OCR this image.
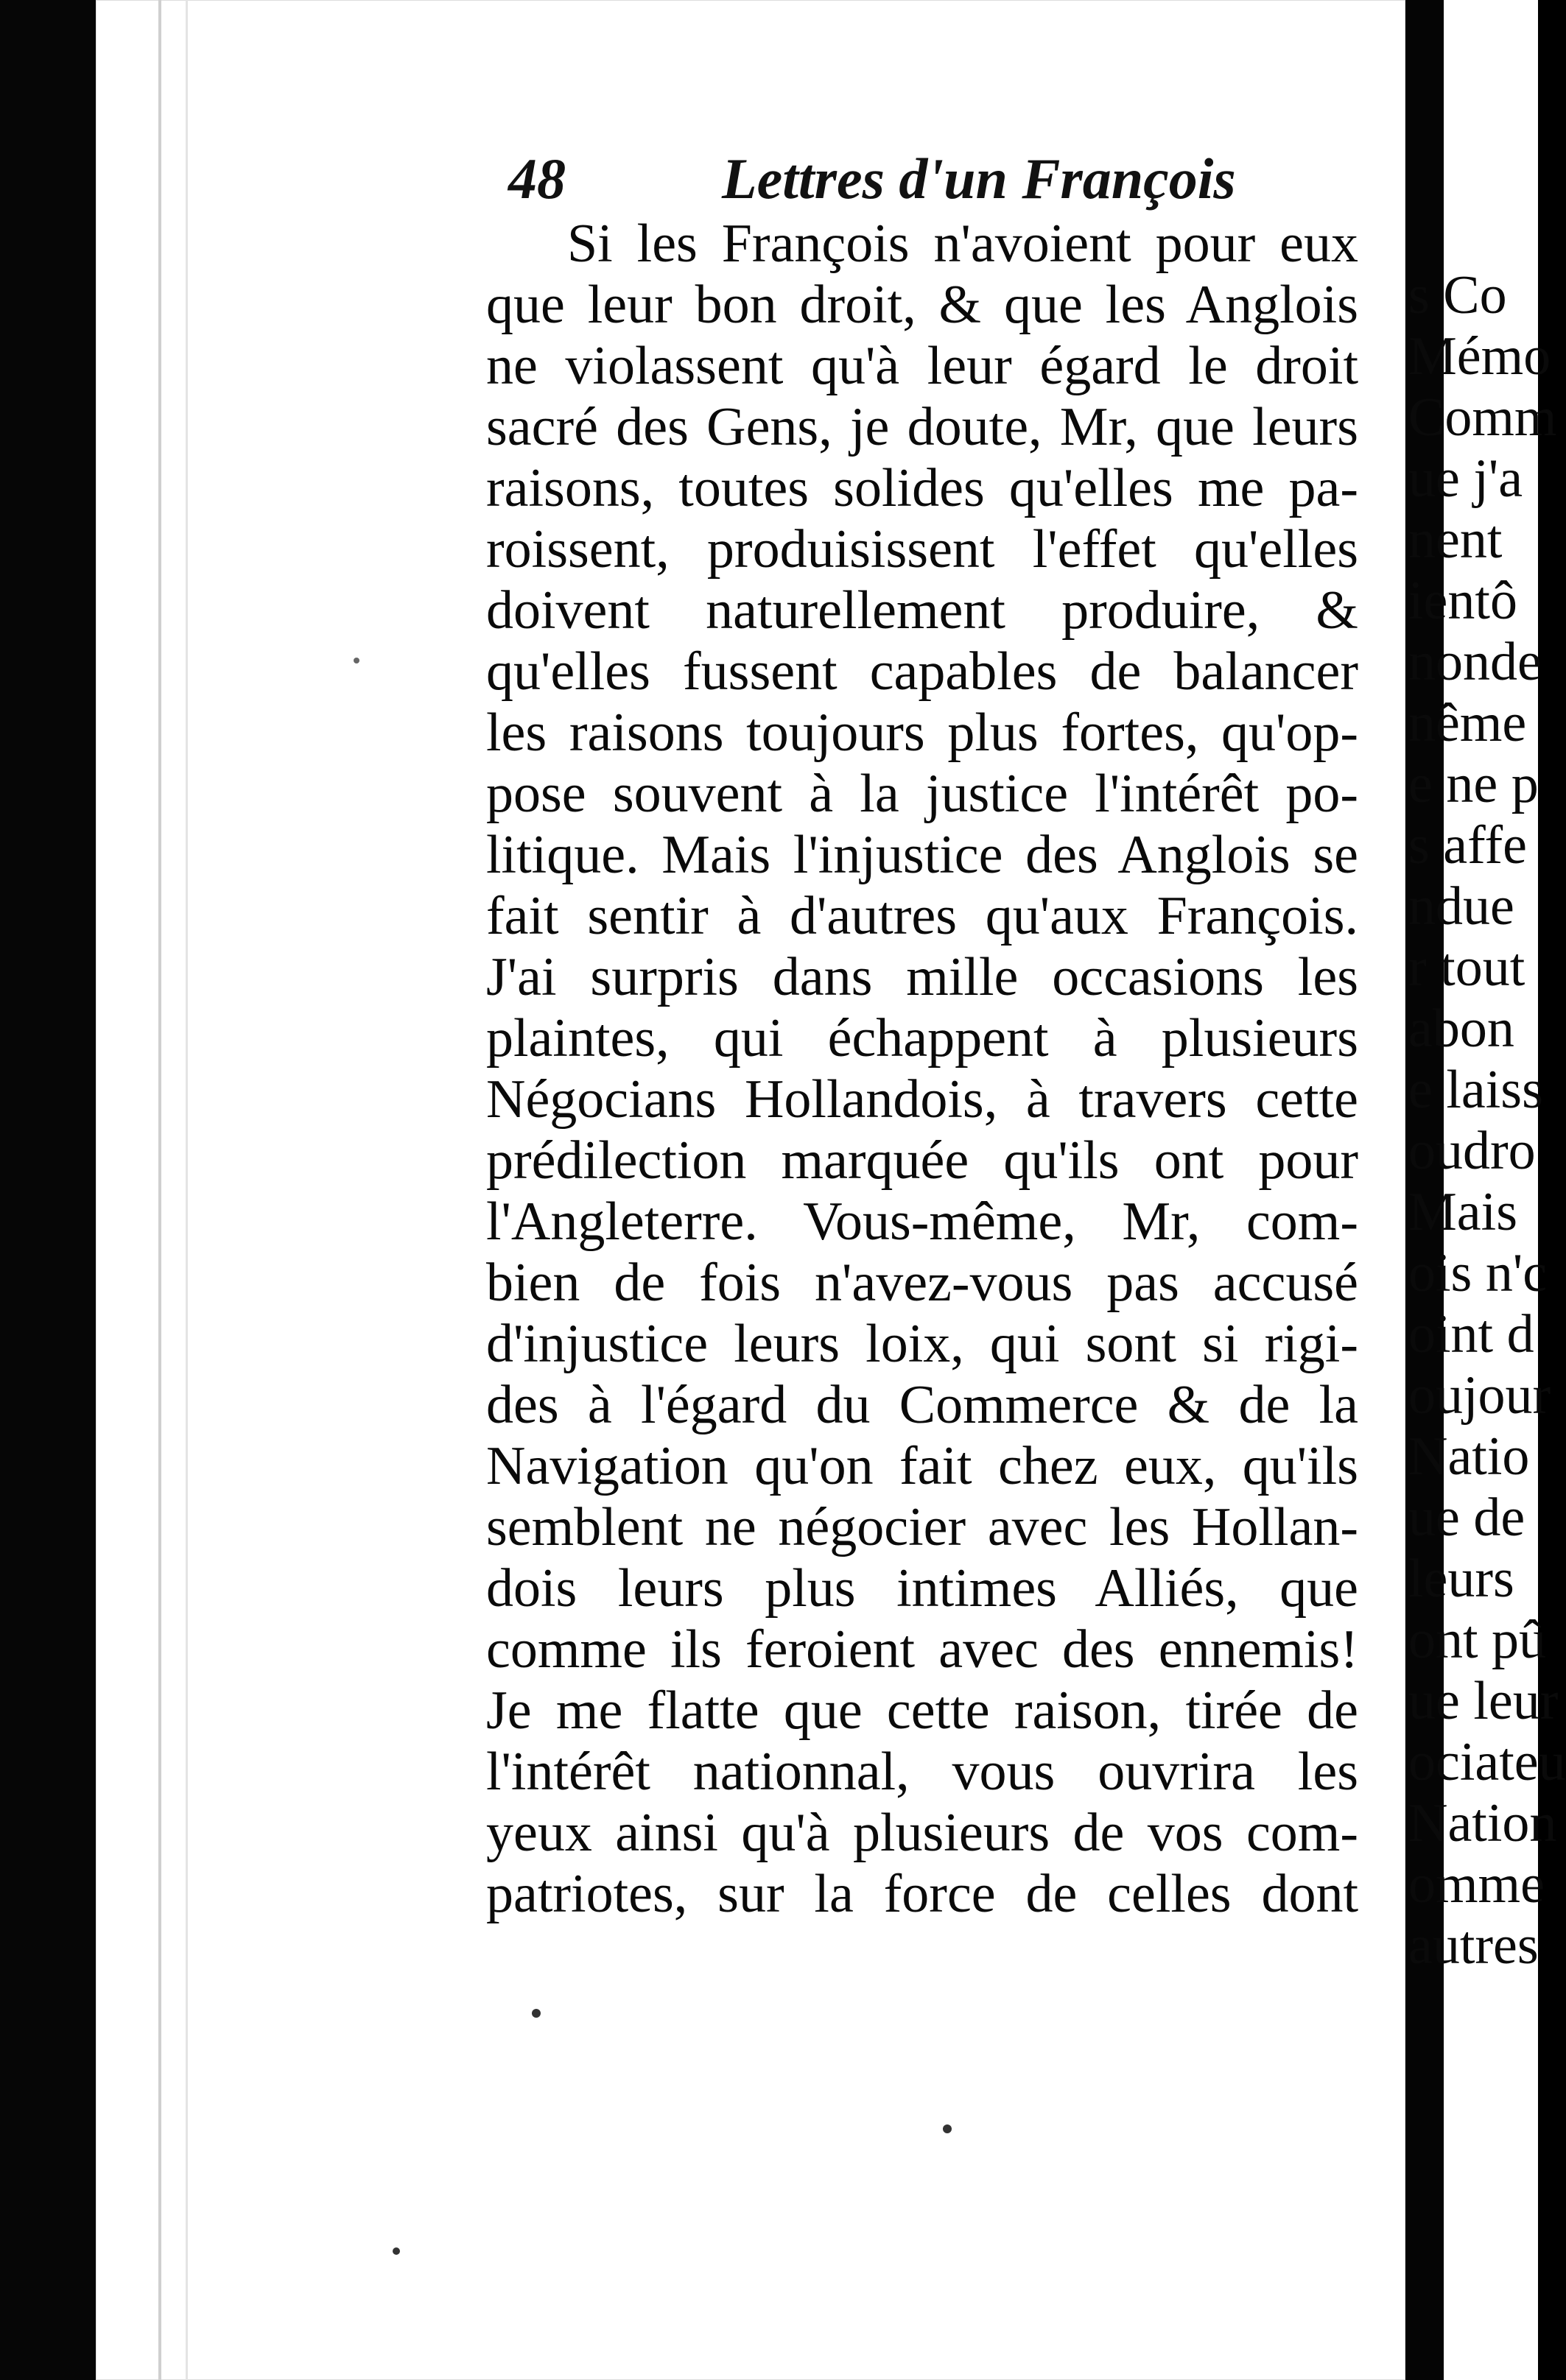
48	Lettres d'un François
Si les François n'avoient pour eux
que leur bon droit, & que les Anglois
ne violassent qu'à leur égard le droit
sacré des Gens, je doute, Mr, que leurs
raisons, toutes solides qu'elles me pa-
roissent, produisissent l'effet qu'elles
doivent naturellement produire, &
qu'elles fussent capables de balancer
les raisons toujours plus fortes, qu'op-
pose souvent à la justice l'intérêt po-
litique. Mais l'injustice des Anglois se
fait sentir à d'autres qu'aux François.
J'ai surpris dans mille occasions les
plaintes, qui échappent à plusieurs
Négocians Hollandois, à travers cette
prédilection marquée qu'ils ont pour
l'Angleterre. Vous-même, Mr, com-
bien de fois n'avez-vous pas accusé
d'injustice leurs loix, qui sont si rigi-
des à l'égard du Commerce & de la
Navigation qu'on fait chez eux, qu'ils
semblent ne négocier avec les Hollan-
dois leurs plus intimes Alliés, que
comme ils feroient avec des ennemis!
Je me flatte que cette raison, tirée de
l'intérêt nationnal, vous ouvrira les
yeux ainsi qu'à plusieurs de vos com-
patriotes, sur la force de celles dont
s Co
Mémo
Comm
ue j'a
nent
ientô
nonde
nême
e ne p
s affe
ndue
r tout
abon
e laiss
oudro
Mais
ois n'c
oint d
oujour
Natio
ue de
leurs
ont pû
ue leur
ociateu
Nation
omme
autres
